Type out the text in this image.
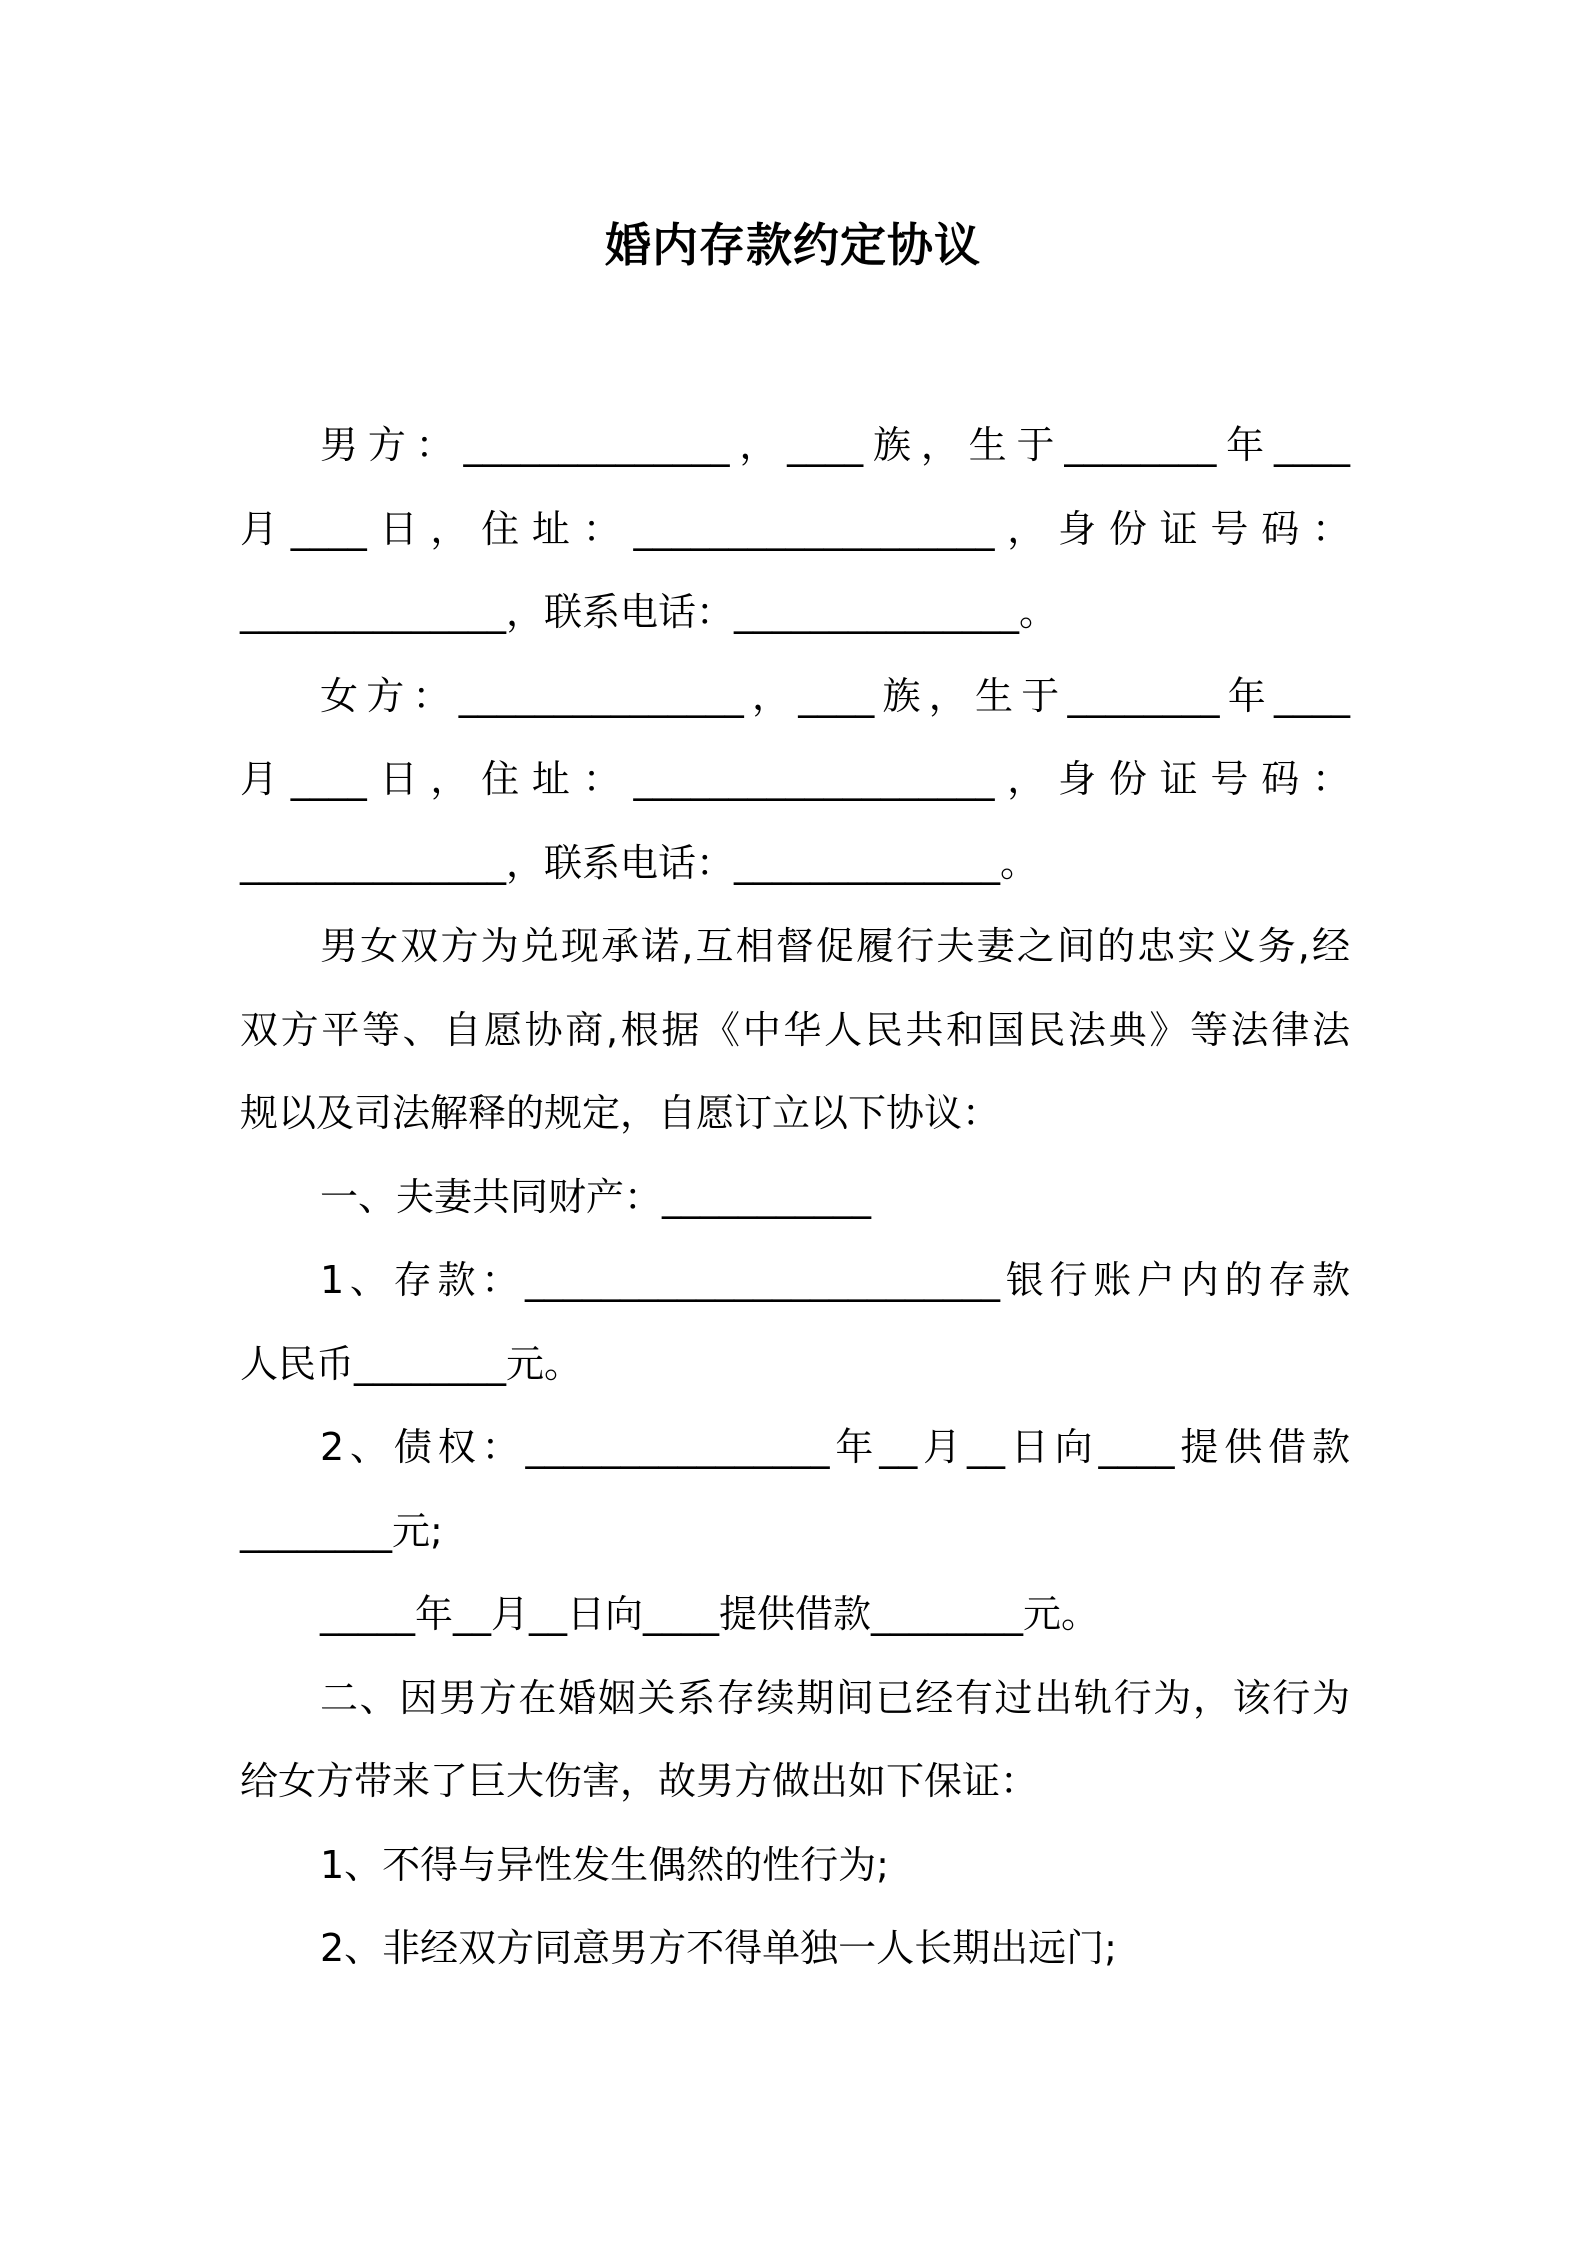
婚内存款约定协议
男方：______________，____族，生于________年____
月____日，住址：___________________，身份证号码：
______________，联系电话：_______________。
女方：_______________，____族，生于________年____
月____日，住址：___________________，身份证号码：
______________，联系电话：______________。
男女双方为兑现承诺,互相督促履行夫妻之间的忠实义务,经
双方平等、自愿协商,根据《中华人民共和国民法典》等法律法
规以及司法解释的规定，自愿订立以下协议：
一、夫妻共同财产：___________
1、存款：_________________________银行账户内的存款
人民币________元。
2、债权：________________年__月__日向____提供借款
________元;
_____年__月__日向____提供借款________元。
二、因男方在婚姻关系存续期间已经有过出轨行为，该行为
给女方带来了巨大伤害，故男方做出如下保证：
1、不得与异性发生偶然的性行为;
2、非经双方同意男方不得单独一人长期出远门;
